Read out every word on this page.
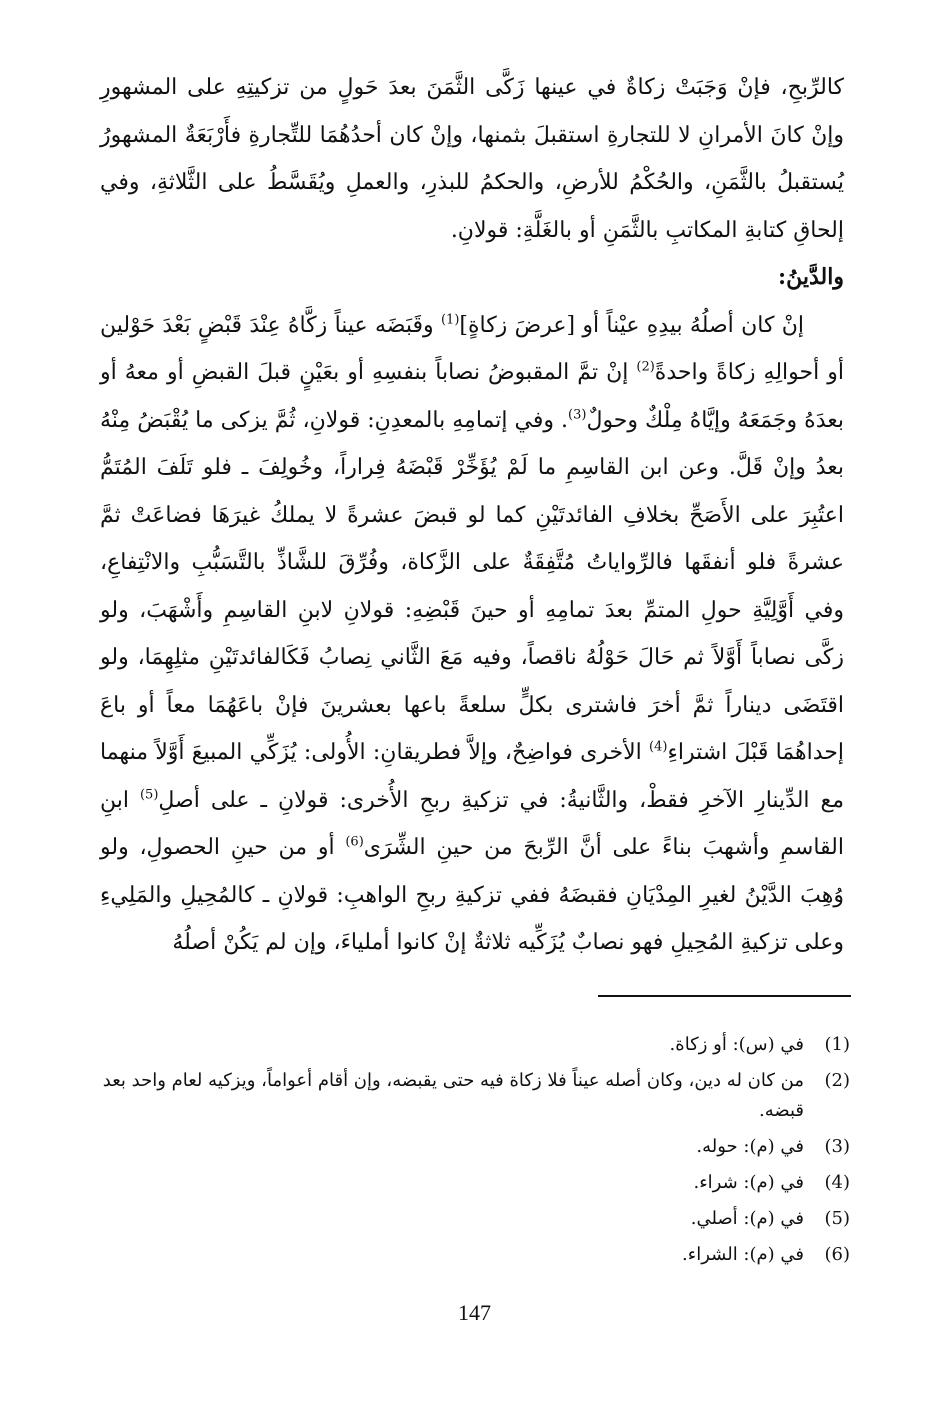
كالرِّبحِ، فإنْ وَجَبَتْ زكاةٌ في عينها زَكَّى الثَّمَنَ بعدَ حَولٍ من تزكيتِهِ على المشهورِ وإنْ كانَ الأمرانِ لا للتجارةِ استقبلَ بثمنها، وإنْ كان أحدُهُمَا للتِّجارةِ فأَرْبَعَةٌ المشهورُ يُستقبلُ بالثَّمَنِ، والحُكْمُ للأرضِ، والحكمُ للبذرِ، والعملِ ويُقَسَّطُ على الثَّلاثةِ، وفي إلحاقِ كتابةِ المكاتبِ بالثَّمَنِ أو بالغَلَّةِ: قولانِ.

والدَّينُ:

إنْ كان أصلُهُ بيدِهِ عيْناً أو [عرضَ زكاةٍ]$^{(1)}$ وقَبَضَه عيناً زكَّاهُ عِنْدَ قَبْضٍ بَعْدَ حَوْلين أو أحوالِهِ زكاةً واحدةً$^{(2)}$ إنْ تمَّ المقبوضُ نصاباً بنفسِهِ أو بعَيْنٍ قبلَ القبضِ أو معهُ أو بعدَهُ وجَمَعَهُ وإيَّاهُ مِلْكٌ وحولٌ$^{(3)}$. وفي إتمامِهِ بالمعدِنِ: قولانِ، ثُمَّ يزكى ما يُقْبَضُ مِنْهُ بعدُ وإنْ قَلَّ. وعن ابن القاسِمِ ما لَمْ يُؤَخِّرْ قَبْضَهُ فِراراً، وخُولِفَ ـ فلو تَلَفَ المُتَمُّ اعتُبِرَ على الأَصَحِّ بخلافِ الفائدتَيْنِ كما لو قبضَ عشرةً لا يملكُ غيرَهَا فضاعَتْ ثمَّ عشرةً فلو أنفقَها فالرِّواياتُ مُتَّفِقَةٌ على الزَّكاة، وفُرِّقَ للشَّاذِّ بالتَّسَبُّبِ والانْتِفاعِ، وفي أَوَّلِيَّةِ حولِ المتمِّ بعدَ تمامِهِ أو حينَ قَبْضِهِ: قولانِ لابنِ القاسِمِ وأَشْهَبَ، ولو زكَّى نصاباً أَوَّلاً ثم حَالَ حَوْلُهُ ناقصاً، وفيه مَعَ الثَّاني نِصابُ فَكَالفائدتَيْنِ مثلِهِمَا، ولو اقتَضَى ديناراً ثمَّ أخرَ فاشترى بكلٍّ سلعةً باعها بعشرينَ فإنْ باعَهُمَا معاً أو باعَ إحداهُمَا قَبْلَ اشتراءِ$^{(4)}$ الأخرى فواضِحٌ، وإلاَّ فطريقانِ: الأُولى: يُزَكِّي المبيعَ أَوَّلاً منهما مع الدِّينارِ الآخرِ فقطْ، والثَّانيةُ: في تزكيةِ ربحِ الأُخرى: قولانِ ـ على أصلِ$^{(5)}$ ابنِ القاسمِ وأشهبَ بناءً على أنَّ الرِّبحَ من حينِ الشِّرَى$^{(6)}$ أو من حينِ الحصولِ، ولو وُهِبَ الدَّيْنُ لغيرِ المِدْيَانِ فقبضَهُ ففي تزكيةِ ربحِ الواهبِ: قولانِ ـ كالمُحِيلِ والمَلِيءِ وعلى تزكيةِ المُحِيلِ فهو نصابٌ يُزَكِّيه ثلاثةٌ إنْ كانوا أملياءَ، وإن لم يَكُنْ أصلُهُ

(1)
في (س): أو زكاة.
(2)
من كان له دين، وكان أصله عيناً فلا زكاة فيه حتى يقبضه، وإن أقام أعواماً، ويزكيه لعام واحد بعد قبضه.
(3)
في (م): حوله.
(4)
في (م): شراء.
(5)
في (م): أصلي.
(6)
في (م): الشراء.
147
